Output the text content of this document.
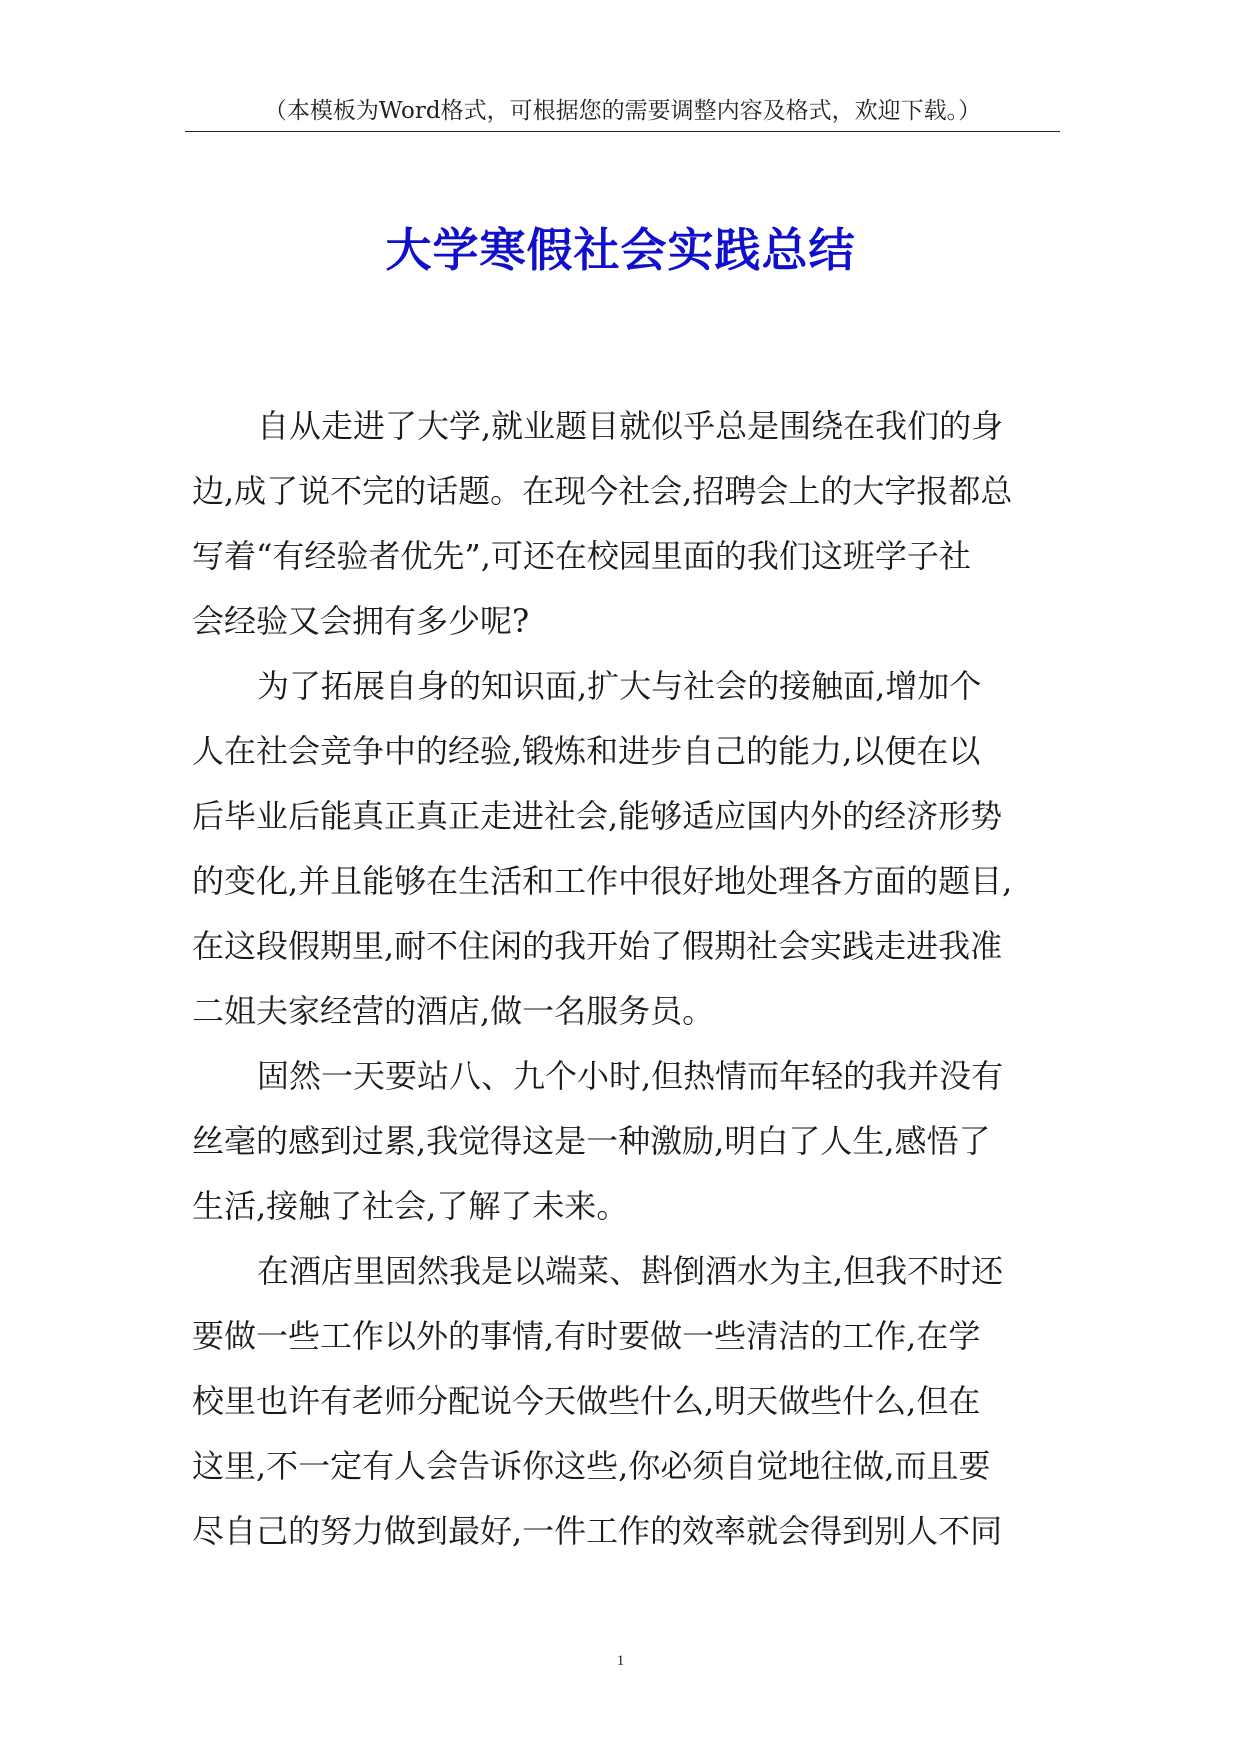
（本模板为Word格式，可根据您的需要调整内容及格式，欢迎下载。）
大学寒假社会实践总结
自从走进了大学,就业题目就似乎总是围绕在我们的身
边,成了说不完的话题。在现今社会,招聘会上的大字报都总
写着“有经验者优先”,可还在校园里面的我们这班学子社
会经验又会拥有多少呢?
为了拓展自身的知识面,扩大与社会的接触面,增加个
人在社会竞争中的经验,锻炼和进步自己的能力,以便在以
后毕业后能真正真正走进社会,能够适应国内外的经济形势
的变化,并且能够在生活和工作中很好地处理各方面的题目,
在这段假期里,耐不住闲的我开始了假期社会实践走进我准
二姐夫家经营的酒店,做一名服务员。
固然一天要站八、九个小时,但热情而年轻的我并没有
丝毫的感到过累,我觉得这是一种激励,明白了人生,感悟了
生活,接触了社会,了解了未来。
在酒店里固然我是以端菜、斟倒酒水为主,但我不时还
要做一些工作以外的事情,有时要做一些清洁的工作,在学
校里也许有老师分配说今天做些什么,明天做些什么,但在
这里,不一定有人会告诉你这些,你必须自觉地往做,而且要
尽自己的努力做到最好,一件工作的效率就会得到别人不同
1
